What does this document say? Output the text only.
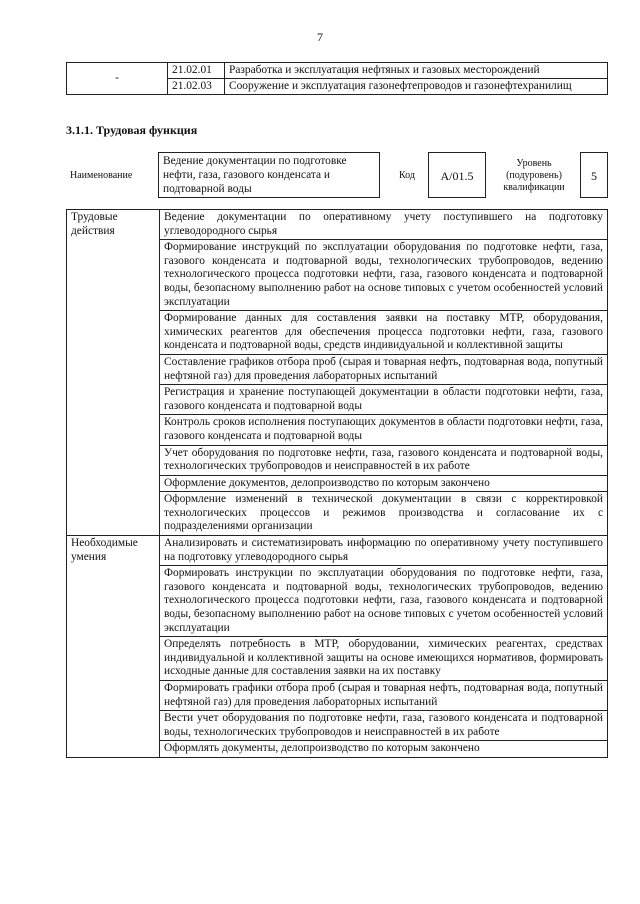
7
-	21.02.01	Разработка и эксплуатация нефтяных и газовых месторождений
	21.02.03	Сооружение и эксплуатация газонефтепроводов и газонефтехранилищ
3.1.1. Трудовая функция
Наименование
Ведение документации по подготовке нефти, газа, газового конденсата и подтоварной воды
Код	A/01.5
Уровень (подуровень) квалификации
5
Трудовые действия	Ведение документации по оперативному учету поступившего на подготовку углеводородного сырья
	Формирование инструкций по эксплуатации оборудования по подготовке нефти, газа, газового конденсата и подтоварной воды, технологических трубопроводов, ведению технологического процесса подготовки нефти, газа, газового конденсата и подтоварной воды, безопасному выполнению работ на основе типовых с учетом особенностей условий эксплуатации
	Формирование данных для составления заявки на поставку МТР, оборудования, химических реагентов для обеспечения процесса подготовки нефти, газа, газового конденсата и подтоварной воды, средств индивидуальной и коллективной защиты
	Составление графиков отбора проб (сырая и товарная нефть, подтоварная вода, попутный нефтяной газ) для проведения лабораторных испытаний
	Регистрация и хранение поступающей документации в области подготовки нефти, газа, газового конденсата и подтоварной воды
	Контроль сроков исполнения поступающих документов в области подготовки нефти, газа, газового конденсата и подтоварной воды
	Учет оборудования по подготовке нефти, газа, газового конденсата и подтоварной воды, технологических трубопроводов и неисправностей в их работе
	Оформление документов, делопроизводство по которым закончено
	Оформление изменений в технической документации в связи с корректировкой технологических процессов и режимов производства и согласование их с подразделениями организации
Необходимые умения	Анализировать и систематизировать информацию по оперативному учету поступившего на подготовку углеводородного сырья
	Формировать инструкции по эксплуатации оборудования по подготовке нефти, газа, газового конденсата и подтоварной воды, технологических трубопроводов, ведению технологического процесса подготовки нефти, газа, газового конденсата и подтоварной воды, безопасному выполнению работ на основе типовых с учетом особенностей условий эксплуатации
	Определять потребность в МТР, оборудовании, химических реагентах, средствах индивидуальной и коллективной защиты на основе имеющихся нормативов, формировать исходные данные для составления заявки на их поставку
	Формировать графики отбора проб (сырая и товарная нефть, подтоварная вода, попутный нефтяной газ) для проведения лабораторных испытаний
	Вести учет оборудования по подготовке нефти, газа, газового конденсата и подтоварной воды, технологических трубопроводов и неисправностей в их работе
	Оформлять документы, делопроизводство по которым закончено
